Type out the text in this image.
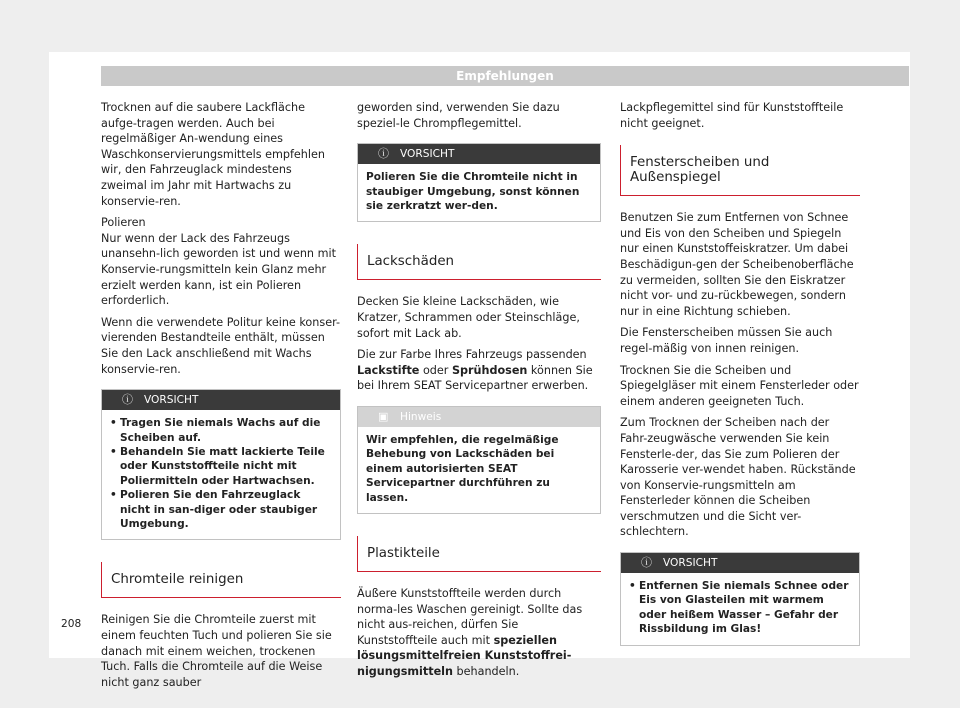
Empfehlungen

Trocknen auf die saubere Lackfläche aufge-tragen werden. Auch bei regelmäßiger An-wendung eines Waschkonservierungsmittels empfehlen wir, den Fahrzeuglack mindestens zweimal im Jahr mit Hartwachs zu konservie-ren.

Polieren

Nur wenn der Lack des Fahrzeugs unansehn-lich geworden ist und wenn mit Konservie-rungsmitteln kein Glanz mehr erzielt werden kann, ist ein Polieren erforderlich.

Wenn die verwendete Politur keine konser-vierenden Bestandteile enthält, müssen Sie den Lack anschließend mit Wachs konservie-ren.

ⓘ VORSICHT
• Tragen Sie niemals Wachs auf die Scheiben auf.
• Behandeln Sie matt lackierte Teile oder Kunststoffteile nicht mit Poliermitteln oder Hartwachsen.
• Polieren Sie den Fahrzeuglack nicht in san-diger oder staubiger Umgebung.
Chromteile reinigen

Reinigen Sie die Chromteile zuerst mit einem feuchten Tuch und polieren Sie sie danach mit einem weichen, trockenen Tuch. Falls die Chromteile auf die Weise nicht ganz sauber

geworden sind, verwenden Sie dazu speziel-le Chrompflegemittel.

ⓘ VORSICHT
Polieren Sie die Chromteile nicht in staubiger Umgebung, sonst können sie zerkratzt wer-den.
Lackschäden

Decken Sie kleine Lackschäden, wie Kratzer, Schrammen oder Steinschläge, sofort mit Lack ab.

Die zur Farbe Ihres Fahrzeugs passenden Lackstifte oder Sprühdosen können Sie bei Ihrem SEAT Servicepartner erwerben.

▣ Hinweis
Wir empfehlen, die regelmäßige Behebung von Lackschäden bei einem autorisierten SEAT Servicepartner durchführen zu lassen.
Plastikteile

Äußere Kunststoffteile werden durch norma-les Waschen gereinigt. Sollte das nicht aus-reichen, dürfen Sie Kunststoffteile auch mit speziellen lösungsmittelfreien Kunststoffrei-nigungsmitteln behandeln.

Lackpflegemittel sind für Kunststoffteile nicht geeignet.

Fensterscheiben und Außenspiegel

Benutzen Sie zum Entfernen von Schnee und Eis von den Scheiben und Spiegeln nur einen Kunststoffeiskratzer. Um dabei Beschädigun-gen der Scheibenoberfläche zu vermeiden, sollten Sie den Eiskratzer nicht vor- und zu-rückbewegen, sondern nur in eine Richtung schieben.

Die Fensterscheiben müssen Sie auch regel-mäßig von innen reinigen.

Trocknen Sie die Scheiben und Spiegelgläser mit einem Fensterleder oder einem anderen geeigneten Tuch.

Zum Trocknen der Scheiben nach der Fahr-zeugwäsche verwenden Sie kein Fensterle-der, das Sie zum Polieren der Karosserie ver-wendet haben. Rückstände von Konservie-rungsmitteln am Fensterleder können die Scheiben verschmutzen und die Sicht ver-schlechtern.

ⓘ VORSICHT
• Entfernen Sie niemals Schnee oder Eis von Glasteilen mit warmem oder heißem Wasser – Gefahr der Rissbildung im Glas!
208
